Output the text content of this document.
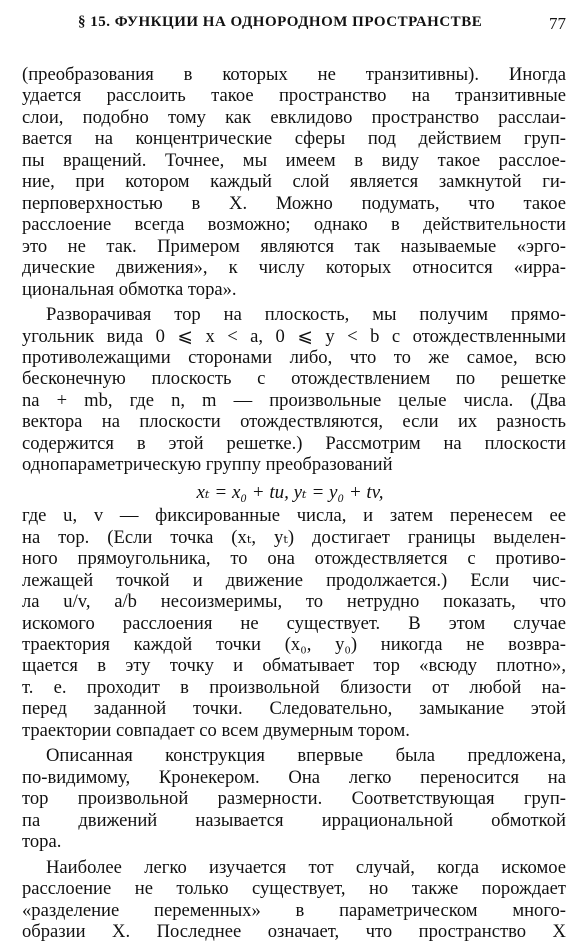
§ 15. ФУНКЦИИ НА ОДНОРОДНОМ ПРОСТРАНСТВЕ	77
(преобразования в которых не транзитивны). Иногда
удается расслоить такое пространство на транзитивные
слои, подобно тому как евклидово пространство расслаи-
вается на концентрические сферы под действием груп-
пы вращений. Точнее, мы имеем в виду такое расслое-
ние, при котором каждый слой является замкнутой ги-
перповерхностью в X. Можно подумать, что такое
расслоение всегда возможно; однако в действительности
это не так. Примером являются так называемые «эрго-
дические движения», к числу которых относится «ирра-
циональная обмотка тора».
Разворачивая тор на плоскость, мы получим прямо-
угольник вида 0 ⩽ x < a, 0 ⩽ y < b с отождествленными
противолежащими сторонами либо, что то же самое, всю
бесконечную плоскость с отождествлением по решетке
na + mb, где n, m — произвольные целые числа. (Два
вектора на плоскости отождествляются, если их разность
содержится в этой решетке.) Рассмотрим на плоскости
однопараметрическую группу преобразований
xₜ = x₀ + tu, yₜ = y₀ + tv,
где u, v — фиксированные числа, и затем перенесем ее
на тор. (Если точка (xₜ, yₜ) достигает границы выделен-
ного прямоугольника, то она отождествляется с противо-
лежащей точкой и движение продолжается.) Если чис-
ла u/v, a/b несоизмеримы, то нетрудно показать, что
искомого расслоения не существует. В этом случае
траектория каждой точки (x₀, y₀) никогда не возвра-
щается в эту точку и обматывает тор «всюду плотно»,
т. е. проходит в произвольной близости от любой на-
перед заданной точки. Следовательно, замыкание этой
траектории совпадает со всем двумерным тором.
Описанная конструкция впервые была предложена,
по-видимому, Кронекером. Она легко переносится на
тор произвольной размерности. Соответствующая груп-
па движений называется иррациональной обмоткой
тора.
Наиболее легко изучается тот случай, когда искомое
расслоение не только существует, но также порождает
«разделение переменных» в параметрическом много-
образии X. Последнее означает, что пространство X
